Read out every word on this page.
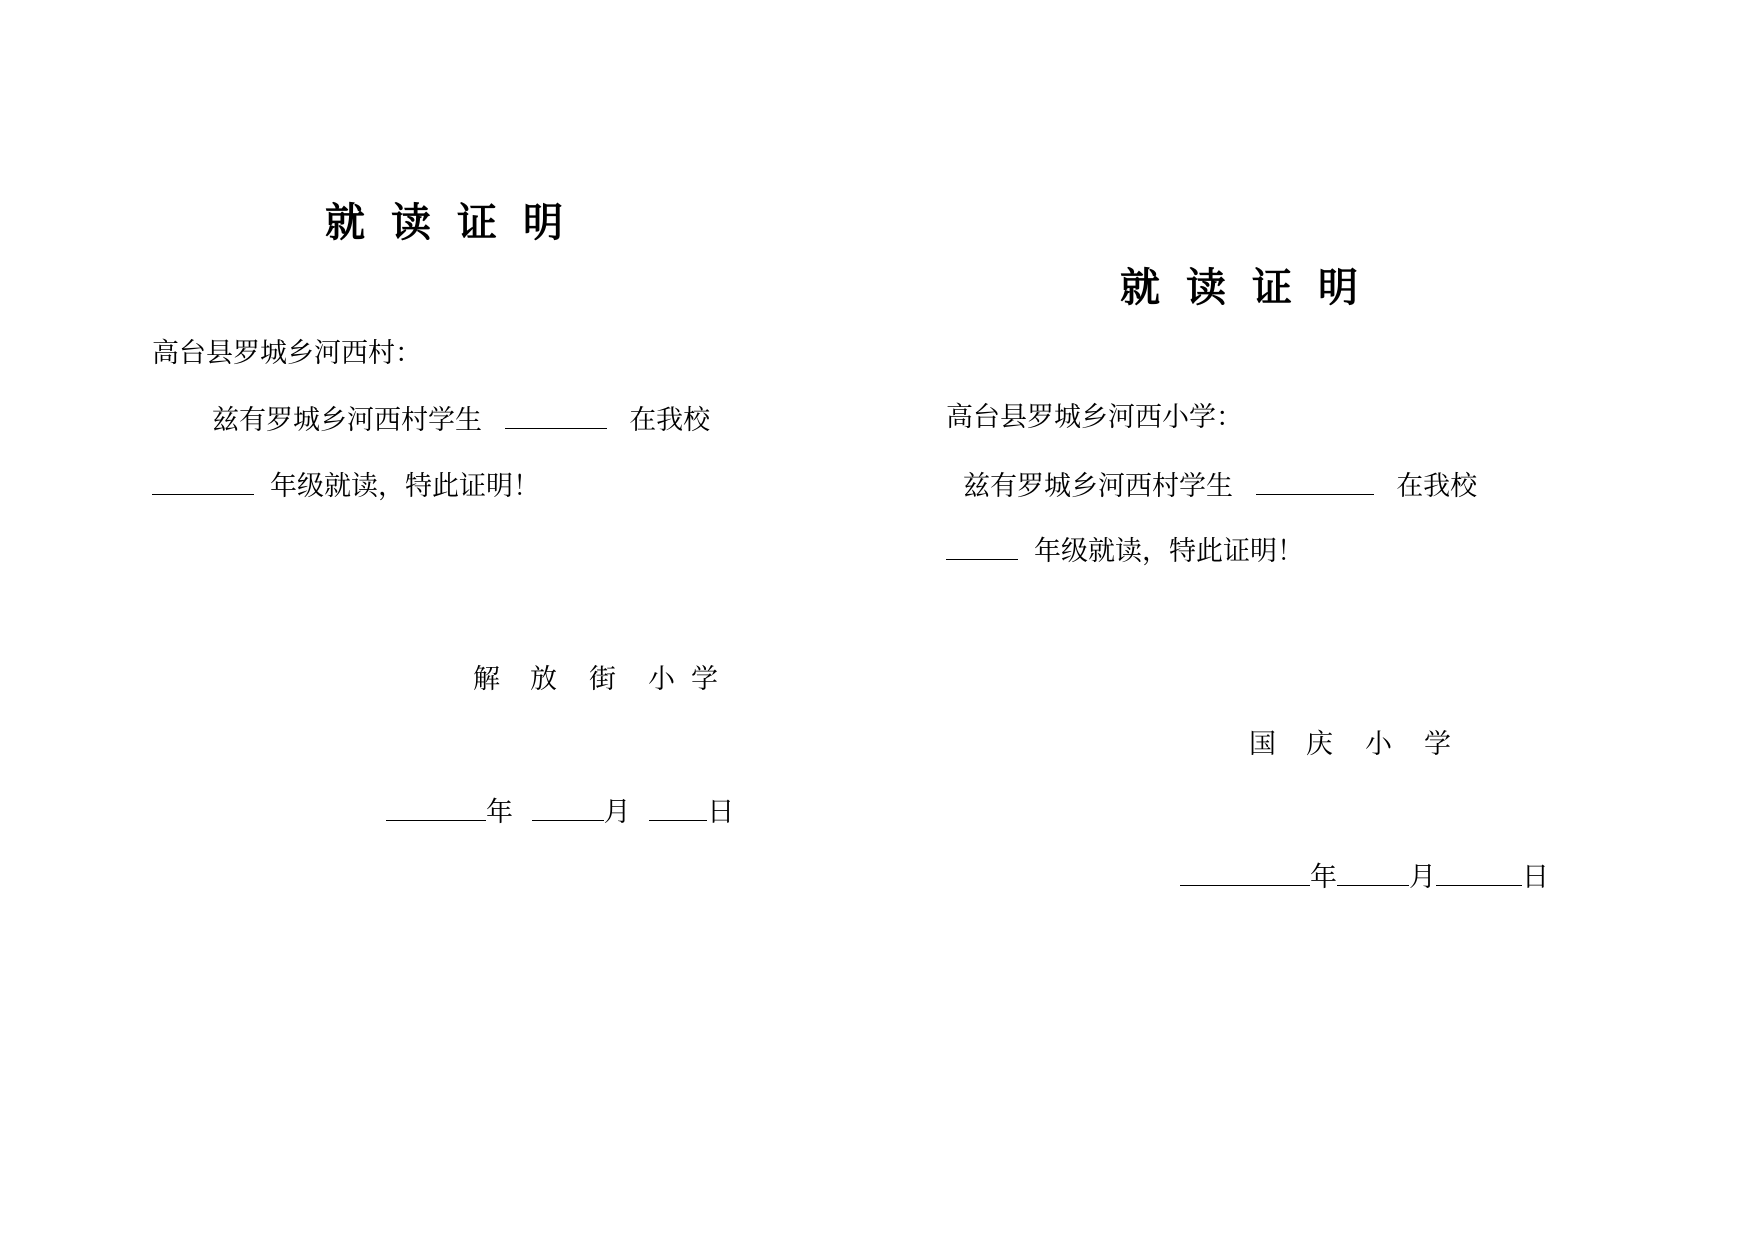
就 读 证 明
高台县罗城乡河西村：
兹有罗城乡河西村学生	在我校
年级就读，特此证明！
解 放 街 小 学
年	月	日
就 读 证 明
高台县罗城乡河西小学：
兹有罗城乡河西村学生	在我校
年级就读，特此证明！
国 庆 小 学
年	月	日
